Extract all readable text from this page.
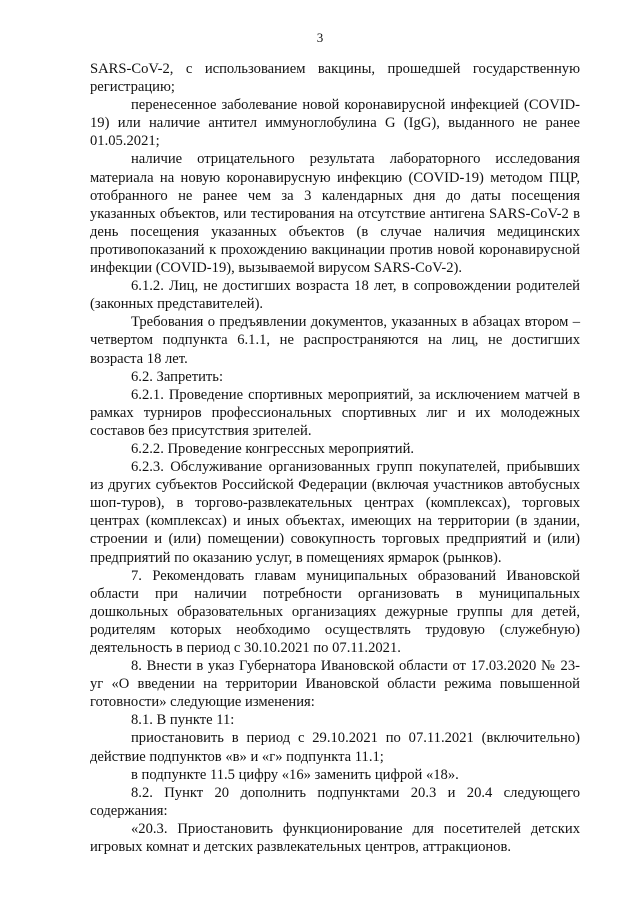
3

SARS-CoV-2, с использованием вакцины, прошедшей государственную регистрацию;

перенесенное заболевание новой коронавирусной инфекцией (COVID-19) или наличие антител иммуноглобулина G (IgG), выданного не ранее 01.05.2021;

наличие отрицательного результата лабораторного исследования материала на новую коронавирусную инфекцию (COVID-19) методом ПЦР, отобранного не ранее чем за 3 календарных дня до даты посещения указанных объектов, или тестирования на отсутствие антигена SARS-CoV-2 в день посещения указанных объектов (в случае наличия медицинских противопоказаний к прохождению вакцинации против новой коронавирусной инфекции (COVID-19), вызываемой вирусом SARS-CoV-2).

6.1.2. Лиц, не достигших возраста 18 лет, в сопровождении родителей (законных представителей).

Требования о предъявлении документов, указанных в абзацах втором – четвертом подпункта 6.1.1, не распространяются на лиц, не достигших возраста 18 лет.

6.2. Запретить:

6.2.1. Проведение спортивных мероприятий, за исключением матчей в рамках турниров профессиональных спортивных лиг и их молодежных составов без присутствия зрителей.

6.2.2. Проведение конгрессных мероприятий.

6.2.3. Обслуживание организованных групп покупателей, прибывших из других субъектов Российской Федерации (включая участников автобусных шоп-туров), в торгово-развлекательных центрах (комплексах), торговых центрах (комплексах) и иных объектах, имеющих на территории (в здании, строении и (или) помещении) совокупность торговых предприятий и (или) предприятий по оказанию услуг, в помещениях ярмарок (рынков).

7. Рекомендовать главам муниципальных образований Ивановской области при наличии потребности организовать в муниципальных дошкольных образовательных организациях дежурные группы для детей, родителям которых необходимо осуществлять трудовую (служебную) деятельность в период с 30.10.2021 по 07.11.2021.

8. Внести в указ Губернатора Ивановской области от 17.03.2020 № 23-уг «О введении на территории Ивановской области режима повышенной готовности» следующие изменения:

8.1. В пункте 11:

приостановить в период с 29.10.2021 по 07.11.2021 (включительно) действие подпунктов «в» и «г» подпункта 11.1;

в подпункте 11.5 цифру «16» заменить цифрой «18».

8.2. Пункт 20 дополнить подпунктами 20.3 и 20.4 следующего содержания:

«20.3. Приостановить функционирование для посетителей детских игровых комнат и детских развлекательных центров, аттракционов.
